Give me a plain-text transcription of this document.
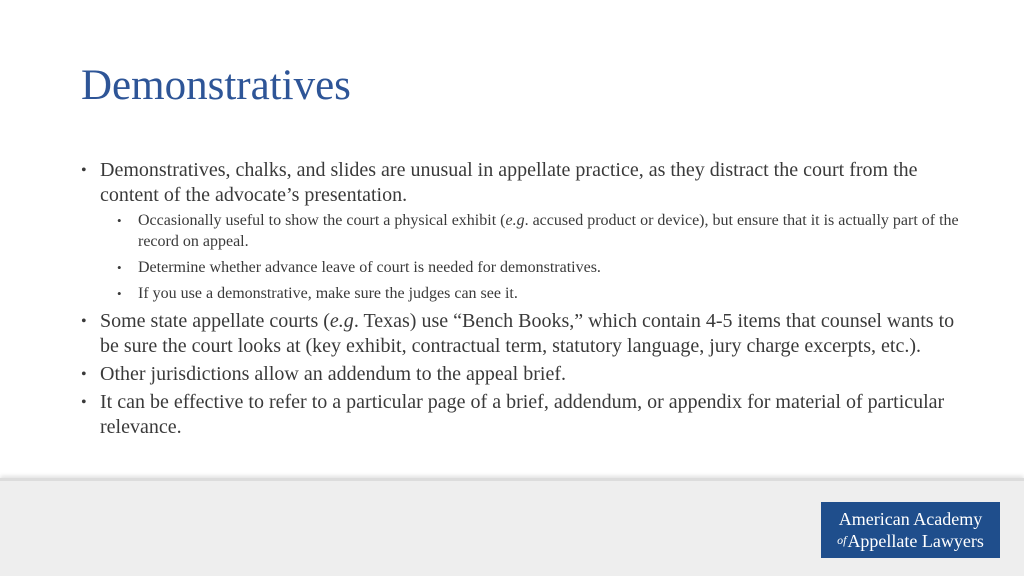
Demonstratives
• Demonstratives, chalks, and slides are unusual in appellate practice, as they distract the court from the content of the advocate’s presentation.
• Occasionally useful to show the court a physical exhibit (e.g. accused product or device), but ensure that it is actually part of the record on appeal.
• Determine whether advance leave of court is needed for demonstratives.
• If you use a demonstrative, make sure the judges can see it.
• Some state appellate courts (e.g. Texas) use “Bench Books,” which contain 4-5 items that counsel wants to be sure the court looks at (key exhibit, contractual term, statutory language, jury charge excerpts, etc.).
• Other jurisdictions allow an addendum to the appeal brief.
• It can be effective to refer to a particular page of a brief, addendum, or appendix for material of particular relevance.
American Academy
ofAppellate Lawyers
